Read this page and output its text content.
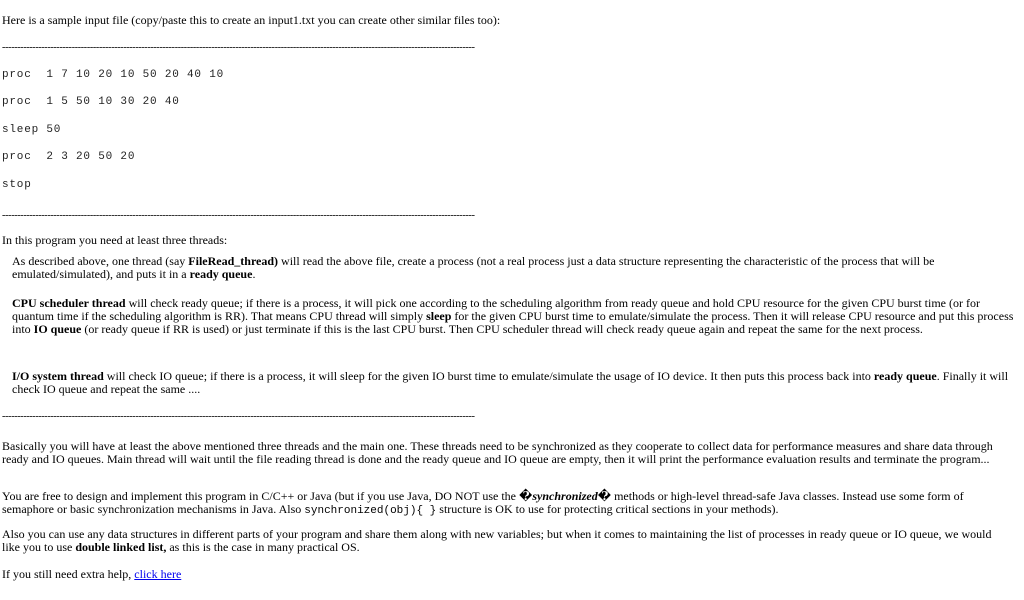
Here is a sample input file (copy/paste this to create an input1.txt you can create other similar files too):
------------------------------------------------------------------------------------------------------------------------------------------------------------
proc  1 7 10 20 10 50 20 40 10
proc  1 5 50 10 30 20 40
sleep 50
proc  2 3 20 50 20
stop
------------------------------------------------------------------------------------------------------------------------------------------------------------
In this program you need at least three threads:
As described above, one thread (say FileRead_thread) will read the above file, create a process (not a real process just a data structure representing the characteristic of the process that will be emulated/simulated), and puts it in a ready queue.
CPU scheduler thread will check ready queue; if there is a process, it will pick one according to the scheduling algorithm from ready queue and hold CPU resource for the given CPU burst time (or for quantum time if the scheduling algorithm is RR). That means CPU thread will simply sleep for the given CPU burst time to emulate/simulate the process. Then it will release CPU resource and put this process into IO queue (or ready queue if RR is used) or just terminate if this is the last CPU burst. Then CPU scheduler thread will check ready queue again and repeat the same for the next process.
I/O system thread will check IO queue; if there is a process, it will sleep for the given IO burst time to emulate/simulate the usage of IO device. It then puts this process back into ready queue. Finally it will check IO queue and repeat the same ....
------------------------------------------------------------------------------------------------------------------------------------------------------------
Basically you will have at least the above mentioned three threads and the main one. These threads need to be synchronized as they cooperate to collect data for performance measures and share data through ready and IO queues. Main thread will wait until the file reading thread is done and the ready queue and IO queue are empty, then it will print the performance evaluation results and terminate the program...
You are free to design and implement this program in C/C++ or Java (but if you use Java, DO NOT use the �synchronized� methods or high-level thread-safe Java classes. Instead use some form of semaphore or basic synchronization mechanisms in Java. Also synchronized(obj){ } structure is OK to use for protecting critical sections in your methods).
Also you can use any data structures in different parts of your program and share them along with new variables; but when it comes to maintaining the list of processes in ready queue or IO queue, we would like you to use double linked list, as this is the case in many practical OS.
If you still need extra help, click here
